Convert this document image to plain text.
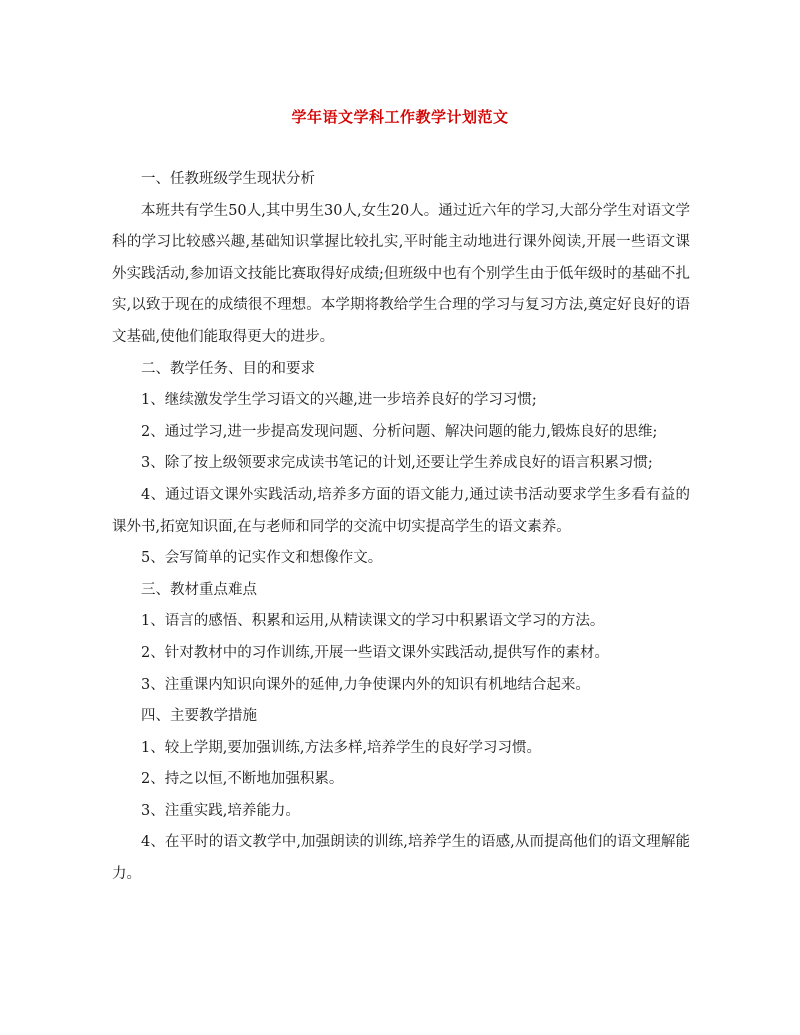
学年语文学科工作教学计划范文

一、任教班级学生现状分析

本班共有学生50人,其中男生30人,女生20人。通过近六年的学习,大部分学生对语文学科的学习比较感兴趣,基础知识掌握比较扎实,平时能主动地进行课外阅读,开展一些语文课外实践活动,参加语文技能比赛取得好成绩;但班级中也有个别学生由于低年级时的基础不扎实,以致于现在的成绩很不理想。本学期将教给学生合理的学习与复习方法,奠定好良好的语文基础,使他们能取得更大的进步。

二、教学任务、目的和要求

1、继续激发学生学习语文的兴趣,进一步培养良好的学习习惯;

2、通过学习,进一步提高发现问题、分析问题、解决问题的能力,锻炼良好的思维;

3、除了按上级领要求完成读书笔记的计划,还要让学生养成良好的语言积累习惯;

4、通过语文课外实践活动,培养多方面的语文能力,通过读书活动要求学生多看有益的课外书,拓宽知识面,在与老师和同学的交流中切实提高学生的语文素养。

5、会写简单的记实作文和想像作文。

三、教材重点难点

1、语言的感悟、积累和运用,从精读课文的学习中积累语文学习的方法。

2、针对教材中的习作训练,开展一些语文课外实践活动,提供写作的素材。

3、注重课内知识向课外的延伸,力争使课内外的知识有机地结合起来。

四、主要教学措施

1、较上学期,要加强训练,方法多样,培养学生的良好学习习惯。

2、持之以恒,不断地加强积累。

3、注重实践,培养能力。

4、在平时的语文教学中,加强朗读的训练,培养学生的语感,从而提高他们的语文理解能力。
